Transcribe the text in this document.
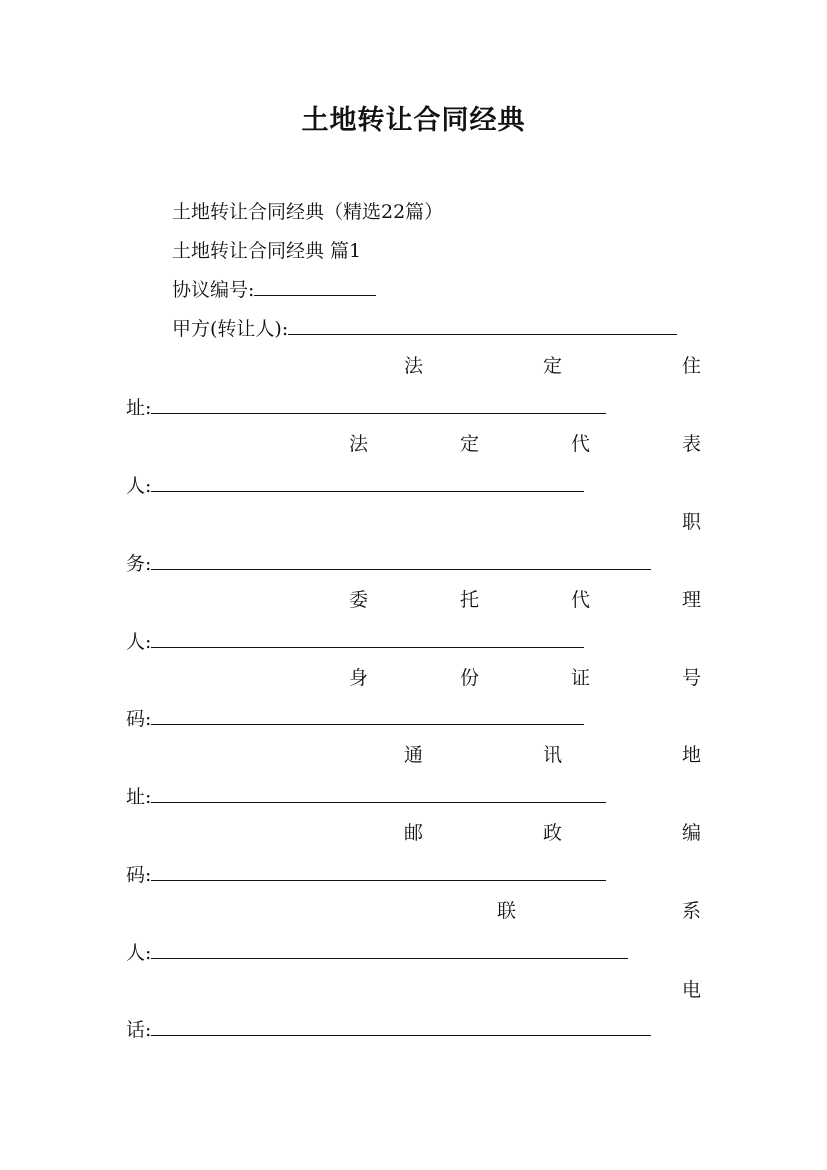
土地转让合同经典
土地转让合同经典（精选22篇）
土地转让合同经典 篇1
协议编号:
甲方(转让人):
法	定	住
址:
法	定	代	表
人:
职
务:
委	托	代	理
人:
身	份	证	号
码:
通	讯	地
址:
邮	政	编
码:
联	系
人:
电
话:
